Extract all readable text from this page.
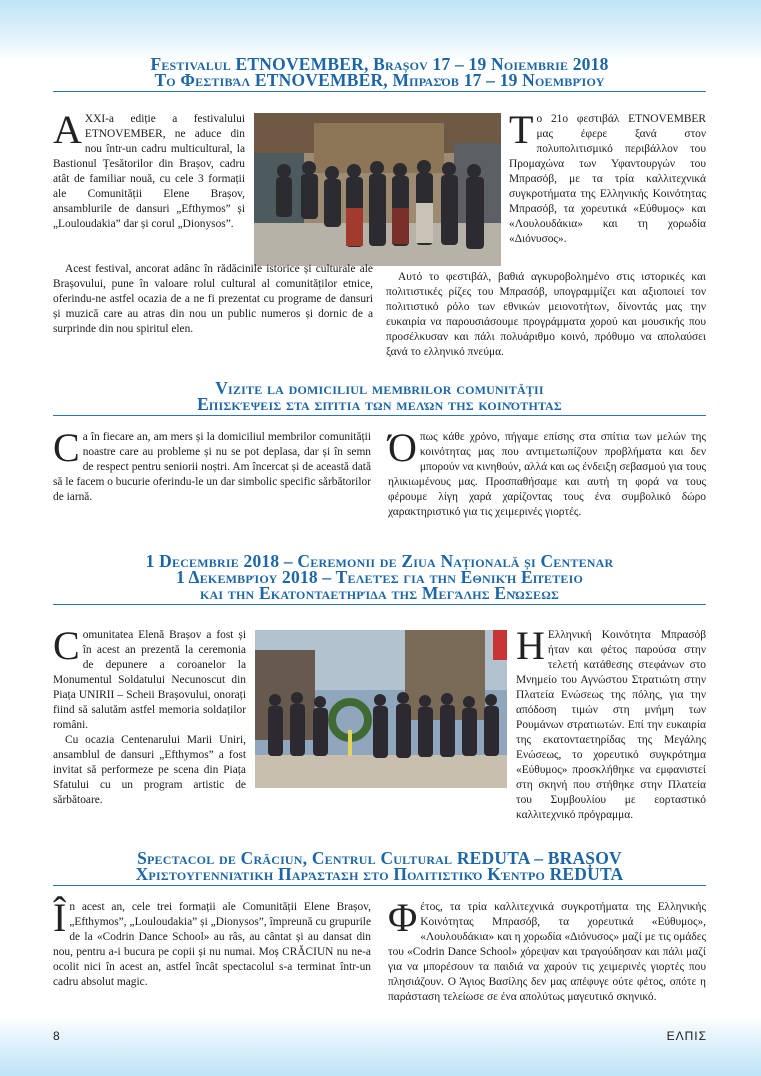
Festivalul ETNOVEMBER, Brașov 17 – 19 Noiembrie 2018
Το Φεστιβάλ ETNOVEMBER, Μπρασόβ 17 – 19 Νοεμβρίου

AXXI-a ediție a festivalului ETNOVEMBER, ne aduce din nou într-un cadru multicultural, la Bastionul Țesătorilor din Brașov, cadru atât de familiar nouă, cu cele 3 formații ale Comunității Elene Brașov, ansamblurile de dansuri „Efthymos” și „Louloudakia” dar și corul „Dionysos”.

Το 21ο φεστιβάλ ETNOVEMBER μας έφερε ξανά στον πολυπολιτισμικό περιβάλλον του Προμαχώνα των Υφαντουργών του Μπρασόβ, με τα τρία καλλιτεχνικά συγκροτήματα της Ελληνικής Κοινότητας Μπρασόβ, τα χορευτικά «Εύθυμος» και «Λουλουδάκια» και τη χορωδία «Διόνυσος».

Acest festival, ancorat adânc în rădăcinile istorice și culturale ale Brașovului, pune în valoare rolul cultural al comunităților etnice, oferindu-ne astfel ocazia de a ne fi prezentat cu programe de dansuri și muzică care au atras din nou un public numeros și dornic de a surprinde din nou spiritul elen.

Αυτό το φεστιβάλ, βαθιά αγκυροβολημένο στις ιστορικές και πολιτιστικές ρίζες του Μπρασόβ, υπογραμμίζει και αξιοποιεί τον πολιτιστικό ρόλο των εθνικών μειονοτήτων, δίνοντάς μας την ευκαιρία να παρουσιάσουμε προγράμματα χορού και μουσικής που προσέλκυσαν και πάλι πολυάριθμο κοινό, πρόθυμο να απολαύσει ξανά το ελληνικό πνεύμα.

Vizite la domiciliul membrilor comunității
Επισκέψεις στα σπίτια των μελών της κοινότητας

Ca în fiecare an, am mers și la domiciliul membrilor comunității noastre care au probleme și nu se pot deplasa, dar și în semn de respect pentru seniorii noștri. Am încercat și de această dată să le facem o bucurie oferindu-le un dar simbolic specific sărbătorilor de iarnă.

Όπως κάθε χρόνο, πήγαμε επίσης στα σπίτια των μελών της κοινότητας μας που αντιμετωπίζουν προβλήματα και δεν μπορούν να κινηθούν, αλλά και ως ένδειξη σεβασμού για τους ηλικιωμένους μας. Προσπαθήσαμε και αυτή τη φορά να τους φέρουμε λίγη χαρά χαρίζοντας τους ένα συμβολικό δώρο χαρακτηριστικό για τις χειμερινές γιορτές.

1 Decembrie 2018 – Ceremonii de Ziua Națională și Centenar
1 Δεκεμβρίου 2018 – Τελετές για την Εθνική Επέτειο
και την Εκατονταετηρίδα της Μεγάλης Ενώσεως

Comunitatea Elenă Brașov a fost și în acest an prezentă la ceremonia de depunere a coroanelor la Monumentul Soldatului Necunoscut din Piața UNIRII – Scheii Brașovului, onorați fiind să salutăm astfel memoria soldaților români.

Cu ocazia Centenarului Marii Uniri, ansamblul de dansuri „Efthymos” a fost invitat să performeze pe scena din Piața Sfatului cu un program artistic de sărbătoare.

Η Ελληνική Κοινότητα Μπρασόβ ήταν και φέτος παρούσα στην τελετή κατάθεσης στεφάνων στο Μνημείο του Αγνώστου Στρατιώτη στην Πλατεία Ενώσεως της πόλης, για την απόδοση τιμών στη μνήμη των Ρουμάνων στρατιωτών. Επί την ευκαιρία της εκατονταετηρίδας της Μεγάλης Ενώσεως, το χορευτικό συγκρότημα «Εύθυμος» προσκλήθηκε να εμφανιστεί στη σκηνή που στήθηκε στην Πλατεία του Συμβουλίου με εορταστικό καλλιτεχνικό πρόγραμμα.

Spectacol de Crăciun, Centrul Cultural REDUTA – BRAȘOV
Χριστουγεννιάτικη Παράσταση στο Πολιτιστικό Κέντρο REDUTA

În acest an, cele trei formații ale Comunității Elene Brașov, „Efthymos”, „Louloudakia” și „Dionysos”, împreună cu grupurile de la «Codrin Dance School» au râs, au cântat și au dansat din nou, pentru a-i bucura pe copii și nu numai. Moș CRĂCIUN nu ne-a ocolit nici în acest an, astfel încât spectacolul s-a terminat într-un cadru absolut magic.

Φέτος, τα τρία καλλιτεχνικά συγκροτήματα της Ελληνικής Κοινότητας Μπρασόβ, τα χορευτικά «Εύθυμος», «Λουλουδάκια» και η χορωδία «Διόνυσος» μαζί με τις ομάδες του «Codrin Dance School» χόρεψαν και τραγούδησαν και πάλι μαζί για να μπορέσουν τα παιδιά να χαρούν τις χειμερινές γιορτές που πλησιάζουν. Ο Άγιος Βασίλης δεν μας απέφυγε ούτε φέτος, οπότε η παράσταση τελείωσε σε ένα απολύτως μαγευτικό σκηνικό.

8	ΕΛΠΙΣ
